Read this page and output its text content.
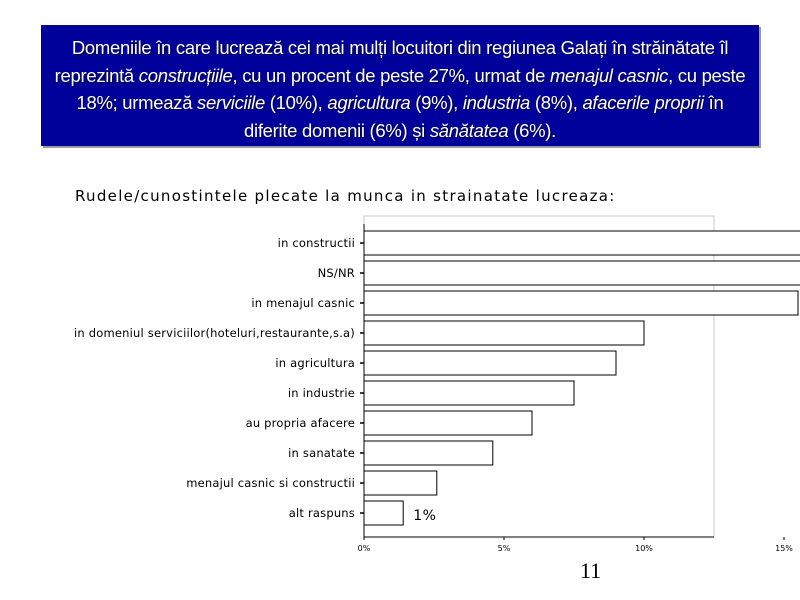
Domeniile în care lucrează cei mai mulți locuitori din regiunea Galați în străinătate îl reprezintă construcțiile, cu un procent de peste 27%, urmat de menajul casnic, cu peste 18%; urmează serviciile (10%), agricultura (9%), industria (8%), afacerile proprii în diferite domenii (6%) și sănătatea (6%).

Rudele/cunostintele plecate la munca in strainatate lucreaza:
in constructii
NS/NR
in menajul casnic
in domeniul serviciilor(hoteluri,restaurante,s.a)
in agricultura
in industrie
au propria afacere
in sanatate
menajul casnic si constructii
alt raspuns	1%
0%	5%	10%	15%
11
